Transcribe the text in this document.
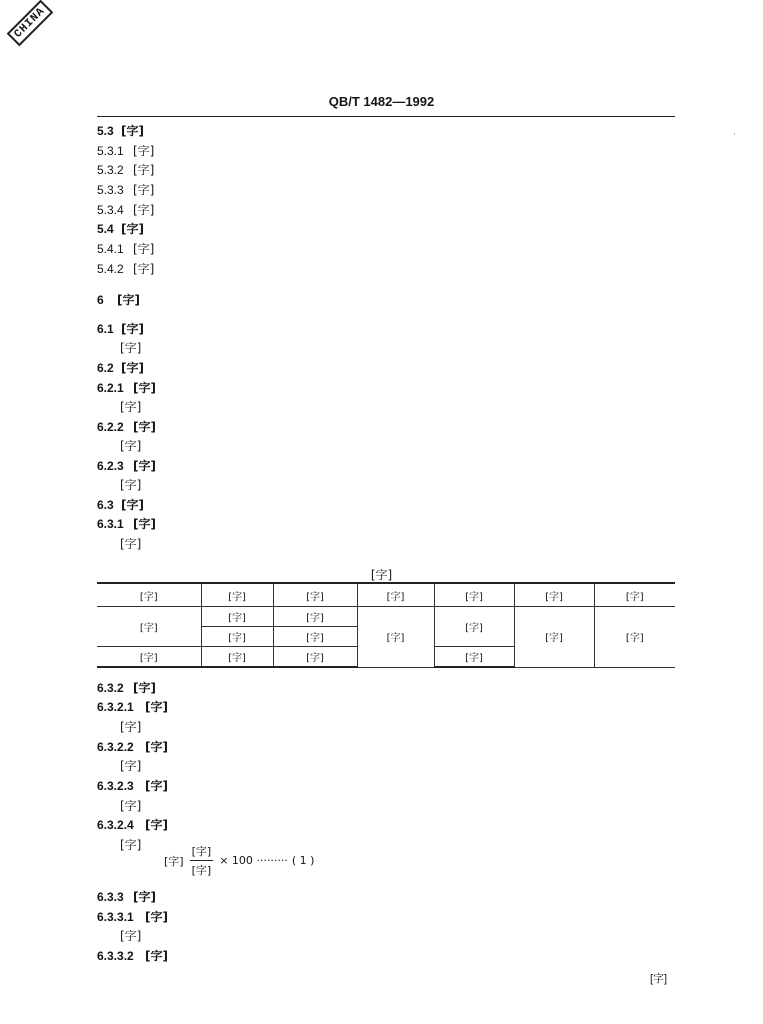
CHINA
QB/T 1482—1992
·
5.3 [字]
5.3.1 [字]
5.3.2 [字]
5.3.3 [字]
5.3.4 [字]
5.4 [字]
5.4.1 [字]
5.4.2 [字]
6 [字]
6.1 [字]
[字]
6.2 [字]
6.2.1 [字]
[字]
6.2.2 [字]
[字]
6.2.3 [字]
[字]
6.3 [字]
6.3.1 [字]
[字]
6.3.2 [字]
6.3.2.1 [字]
[字]
6.3.2.2 [字]
[字]
6.3.2.3 [字]
[字]
6.3.2.4 [字]
[字]
6.3.3 [字]
6.3.3.1 [字]
[字]
6.3.3.2 [字]
[字]
[字]	[字]	[字]	[字]	[字]	[字]	[字]
[字]	[字]	[字]	[字]	[字]	[字]	[字]
	[字]	[字]				
[字]	[字]	[字]		[字]		
[字] $\frac{\text{[字]}}{\text{[字]}} \times 100$ ········· ( 1 )
[字]
